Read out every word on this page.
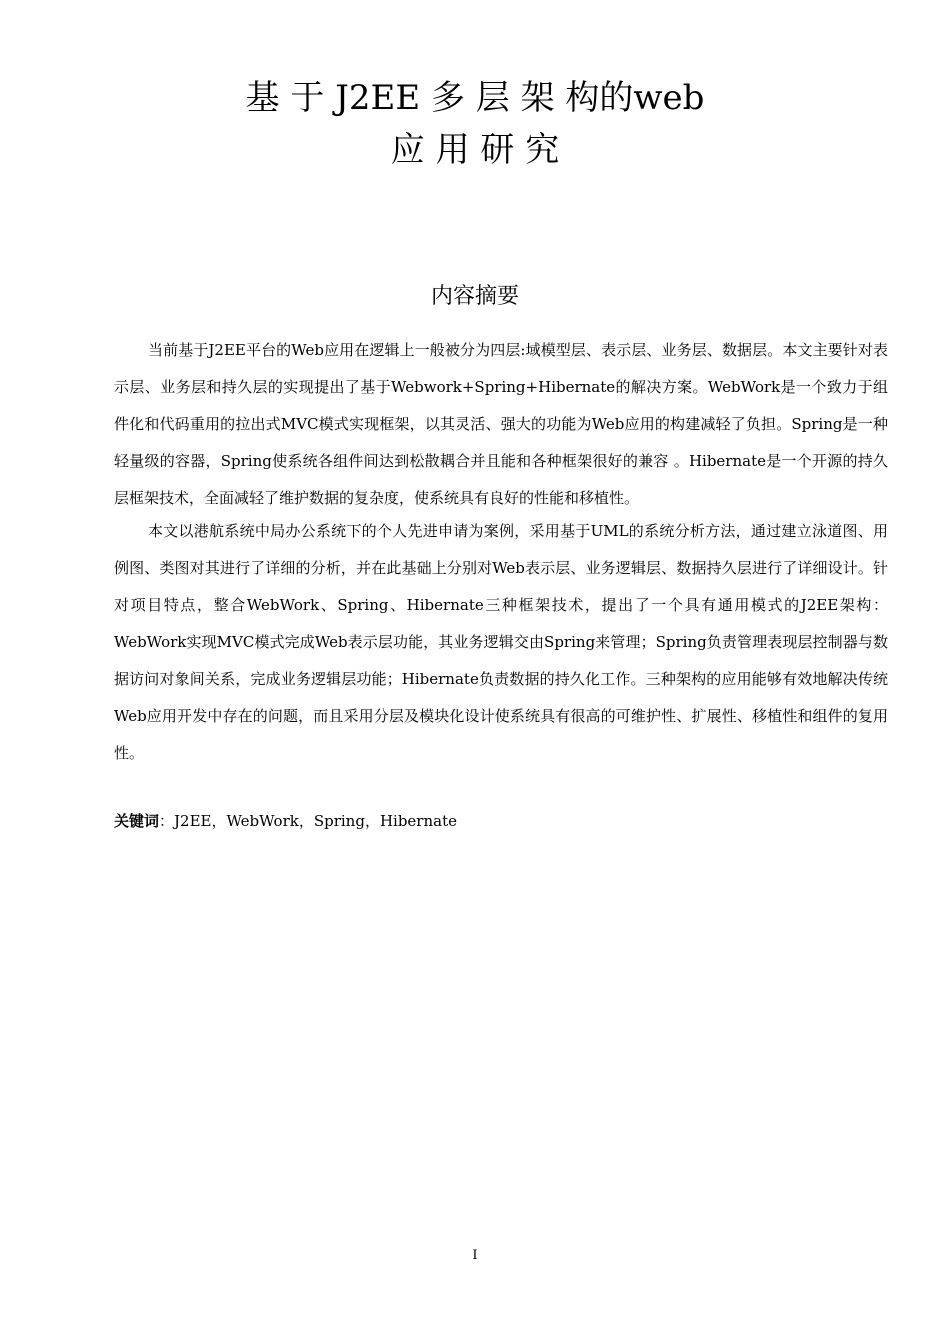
基 于 J2EE 多 层 架 构的web
应 用 研 究
内容摘要

当前基于J2EE平台的Web应用在逻辑上一般被分为四层:域模型层、表示层、业务层、数据层。本文主要针对表示层、业务层和持久层的实现提出了基于Webwork+Spring+Hibernate的解决方案。WebWork是一个致力于组件化和代码重用的拉出式MVC模式实现框架，以其灵活、强大的功能为Web应用的构建减轻了负担。Spring是一种轻量级的容器，Spring使系统各组件间达到松散耦合并且能和各种框架很好的兼容 。Hibernate是一个开源的持久层框架技术，全面减轻了维护数据的复杂度，使系统具有良好的性能和移植性。

本文以港航系统中局办公系统下的个人先进申请为案例，采用基于UML的系统分析方法，通过建立泳道图、用例图、类图对其进行了详细的分析，并在此基础上分别对Web表示层、业务逻辑层、数据持久层进行了详细设计。针对项目特点，整合WebWork、Spring、Hibernate三种框架技术，提出了一个具有通用模式的J2EE架构：WebWork实现MVC模式完成Web表示层功能，其业务逻辑交由Spring来管理；Spring负责管理表现层控制器与数据访问对象间关系，完成业务逻辑层功能；Hibernate负责数据的持久化工作。三种架构的应用能够有效地解决传统Web应用开发中存在的问题，而且采用分层及模块化设计使系统具有很高的可维护性、扩展性、移植性和组件的复用性。

关键词：J2EE，WebWork，Spring，Hibernate
I
